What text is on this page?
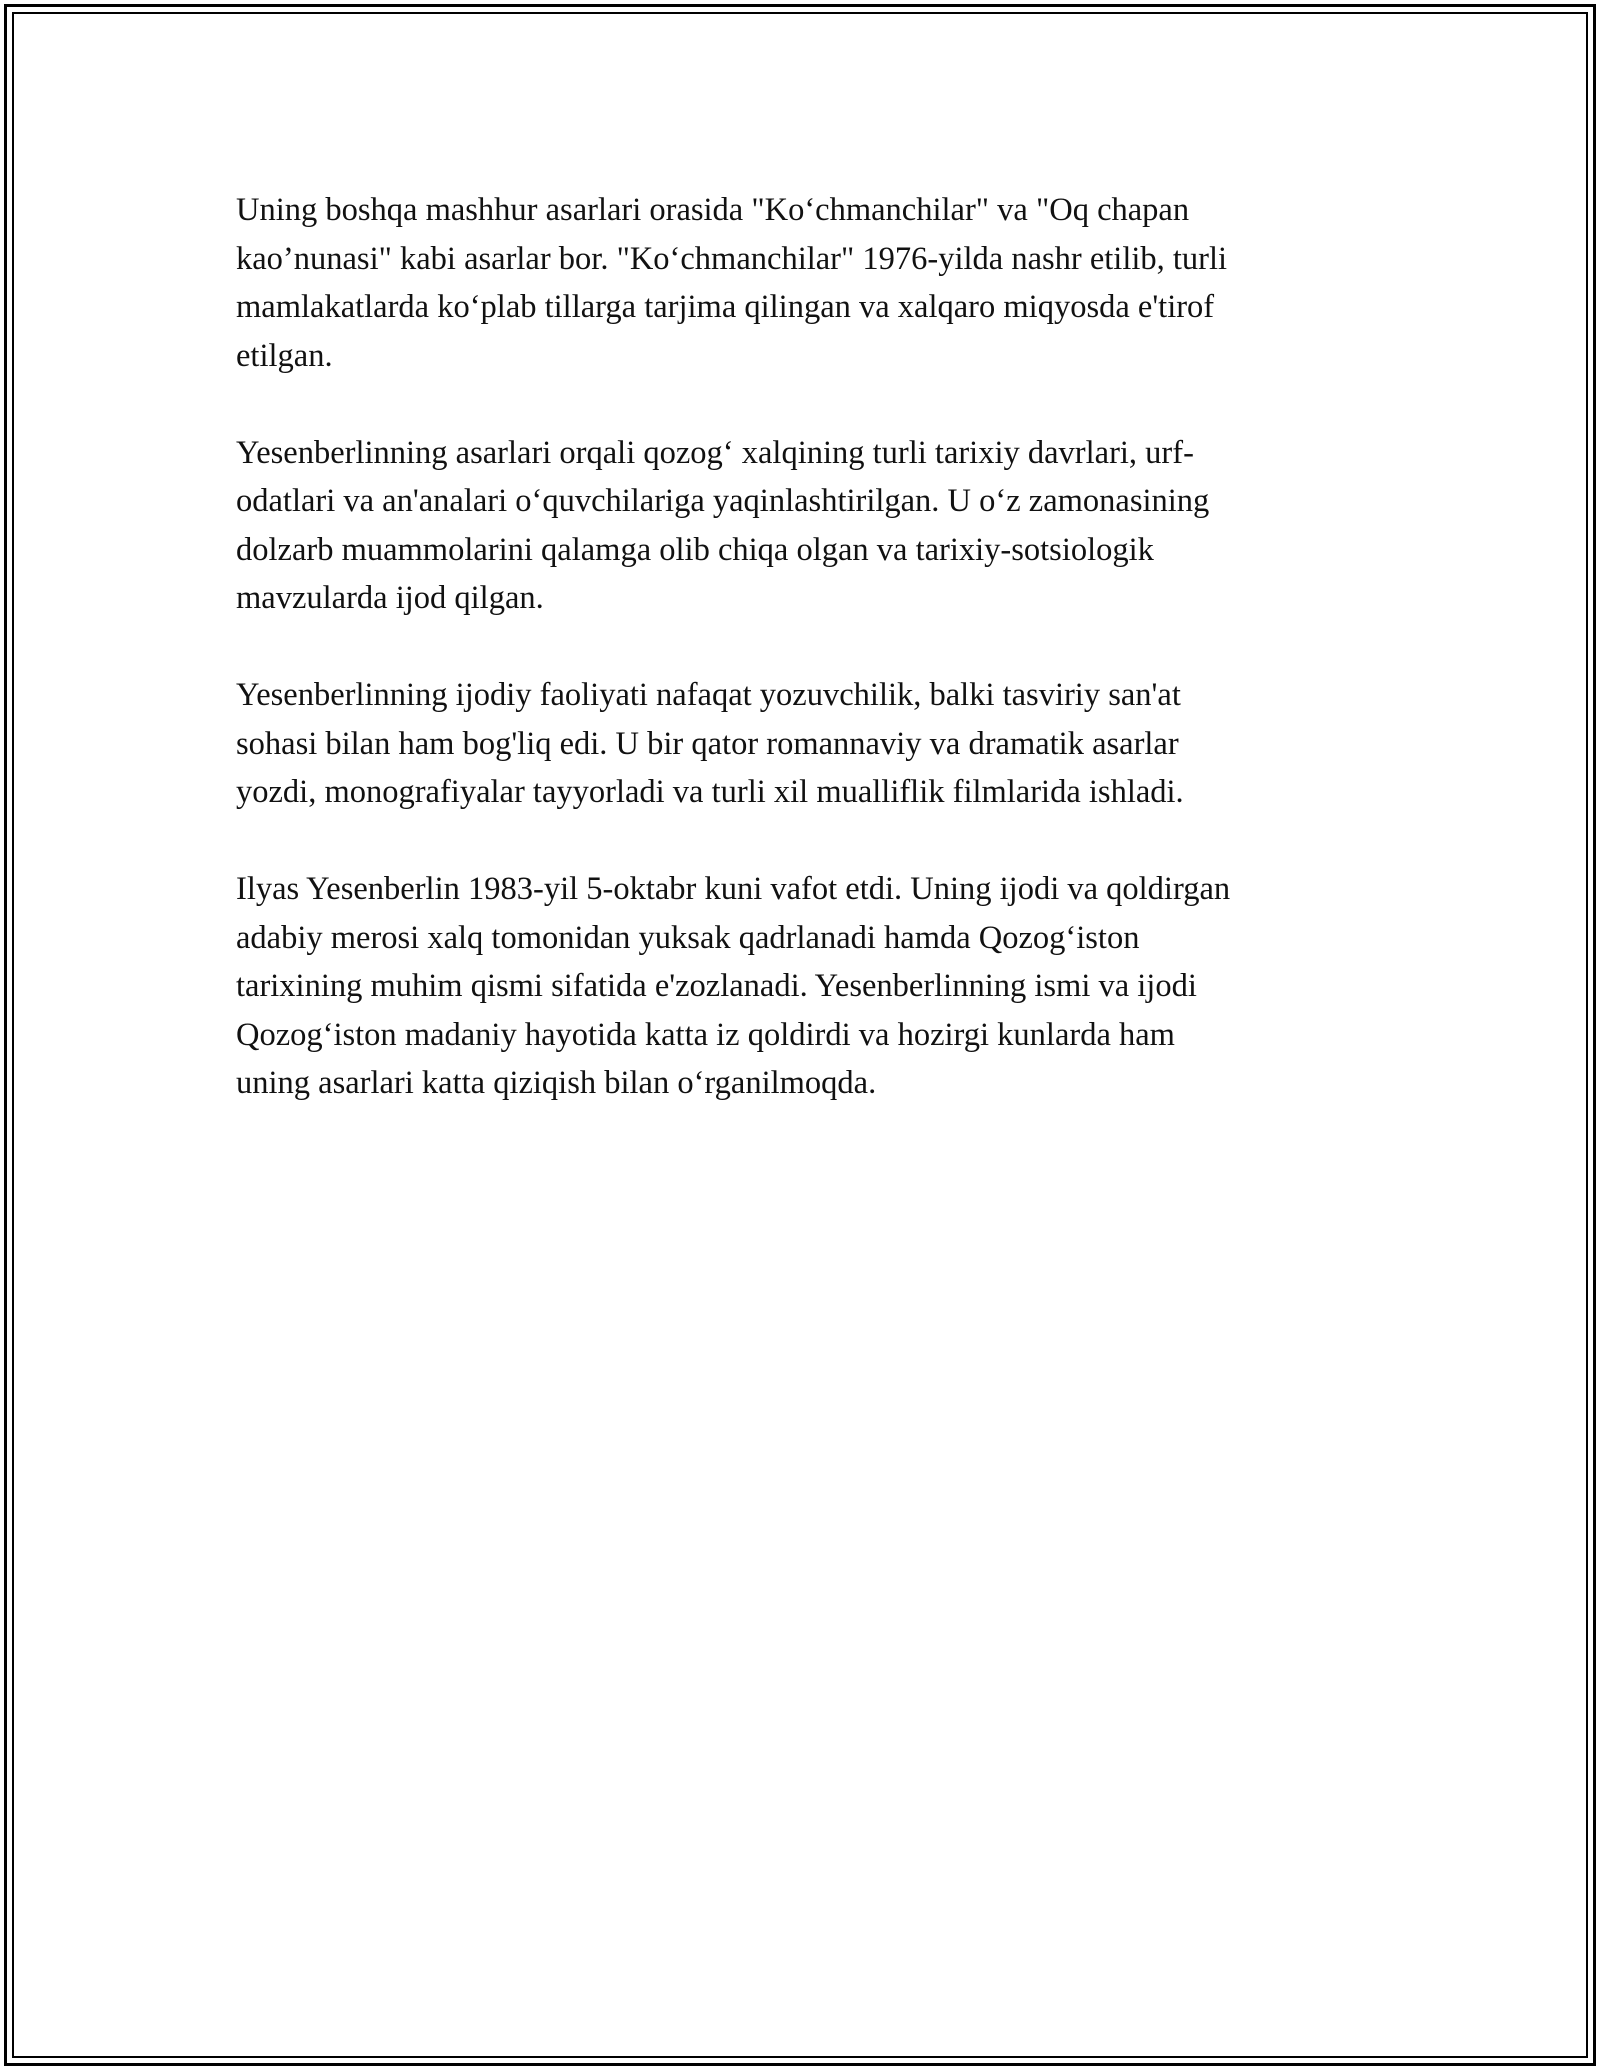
Uning boshqa mashhur asarlari orasida "Ko‘chmanchilar" va "Oq chapan
kao’nunasi" kabi asarlar bor. "Ko‘chmanchilar" 1976-yilda nashr etilib, turli
mamlakatlarda ko‘plab tillarga tarjima qilingan va xalqaro miqyosda e'tirof
etilgan.

Yesenberlinning asarlari orqali qozog‘ xalqining turli tarixiy davrlari, urf-
odatlari va an'analari o‘quvchilariga yaqinlashtirilgan. U o‘z zamonasining
dolzarb muammolarini qalamga olib chiqa olgan va tarixiy-sotsiologik
mavzularda ijod qilgan.

Yesenberlinning ijodiy faoliyati nafaqat yozuvchilik, balki tasviriy san'at
sohasi bilan ham bog'liq edi. U bir qator romannaviy va dramatik asarlar
yozdi, monografiyalar tayyorladi va turli xil mualliflik filmlarida ishladi.

Ilyas Yesenberlin 1983-yil 5-oktabr kuni vafot etdi. Uning ijodi va qoldirgan
adabiy merosi xalq tomonidan yuksak qadrlanadi hamda Qozog‘iston
tarixining muhim qismi sifatida e'zozlanadi. Yesenberlinning ismi va ijodi
Qozog‘iston madaniy hayotida katta iz qoldirdi va hozirgi kunlarda ham
uning asarlari katta qiziqish bilan o‘rganilmoqda.
